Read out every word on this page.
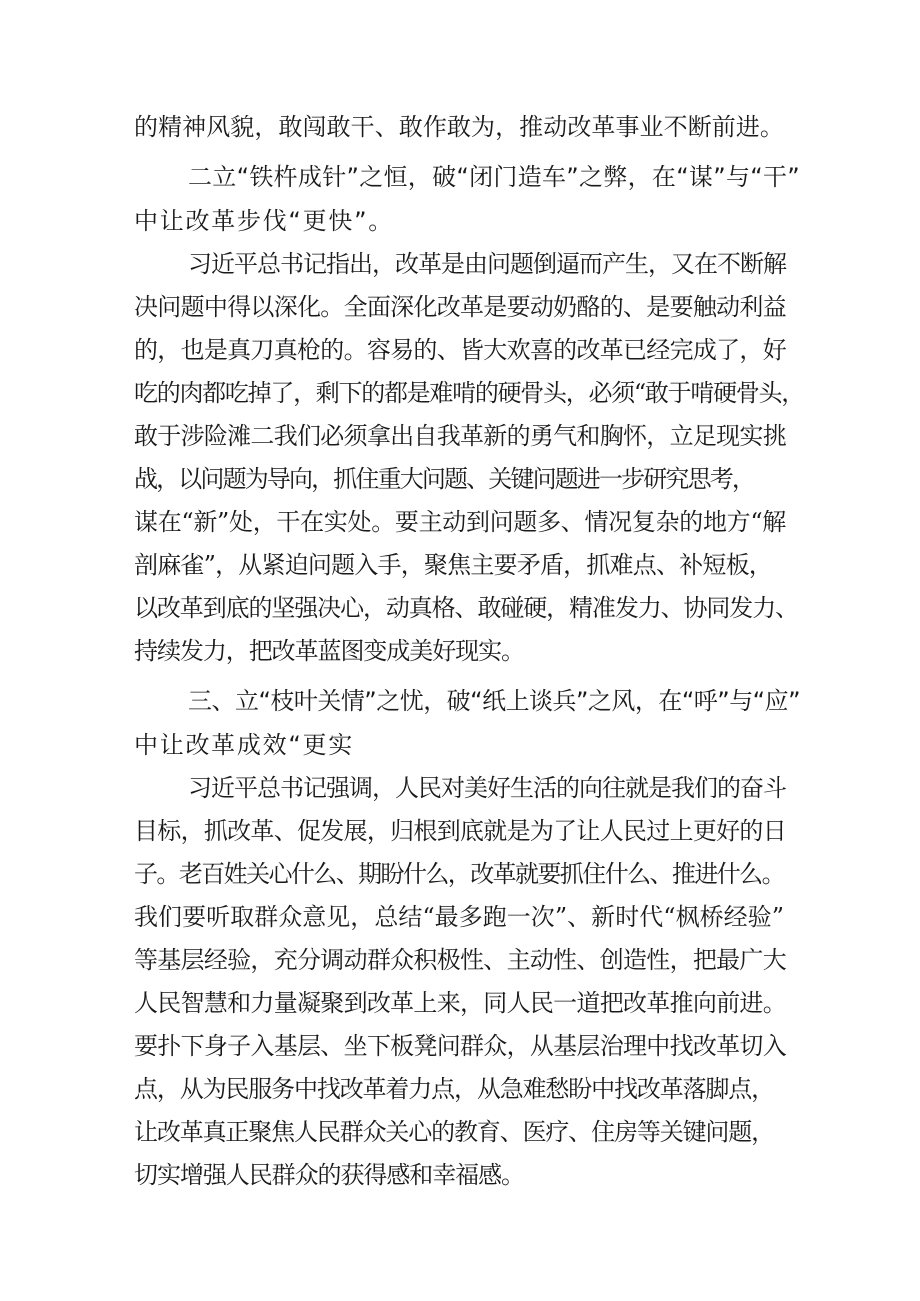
的精神风貌，敢闯敢干、敢作敢为，推动改革事业不断前进。
二立“铁杵成针”之恒，破“闭门造车”之弊，在“谋”与“干”
中让改革步伐“更快”。
习近平总书记指出，改革是由问题倒逼而产生，又在不断解
决问题中得以深化。全面深化改革是要动奶酪的、是要触动利益
的，也是真刀真枪的。容易的、皆大欢喜的改革已经完成了，好
吃的肉都吃掉了，剩下的都是难啃的硬骨头，必须“敢于啃硬骨头，
敢于涉险滩二我们必须拿出自我革新的勇气和胸怀，立足现实挑
战，以问题为导向，抓住重大问题、关键问题进一步研究思考，
谋在“新”处，干在实处。要主动到问题多、情况复杂的地方“解
剖麻雀”，从紧迫问题入手，聚焦主要矛盾，抓难点、补短板，
以改革到底的坚强决心，动真格、敢碰硬，精准发力、协同发力、
持续发力，把改革蓝图变成美好现实。
三、立“枝叶关情”之忧，破“纸上谈兵”之风，在“呼”与“应”
中让改革成效“更实
习近平总书记强调，人民对美好生活的向往就是我们的奋斗
目标，抓改革、促发展，归根到底就是为了让人民过上更好的日
子。老百姓关心什么、期盼什么，改革就要抓住什么、推进什么。
我们要听取群众意见，总结“最多跑一次”、新时代“枫桥经验”
等基层经验，充分调动群众积极性、主动性、创造性，把最广大
人民智慧和力量凝聚到改革上来，同人民一道把改革推向前进。
要扑下身子入基层、坐下板凳问群众，从基层治理中找改革切入
点，从为民服务中找改革着力点，从急难愁盼中找改革落脚点，
让改革真正聚焦人民群众关心的教育、医疗、住房等关键问题，
切实增强人民群众的获得感和幸福感。
